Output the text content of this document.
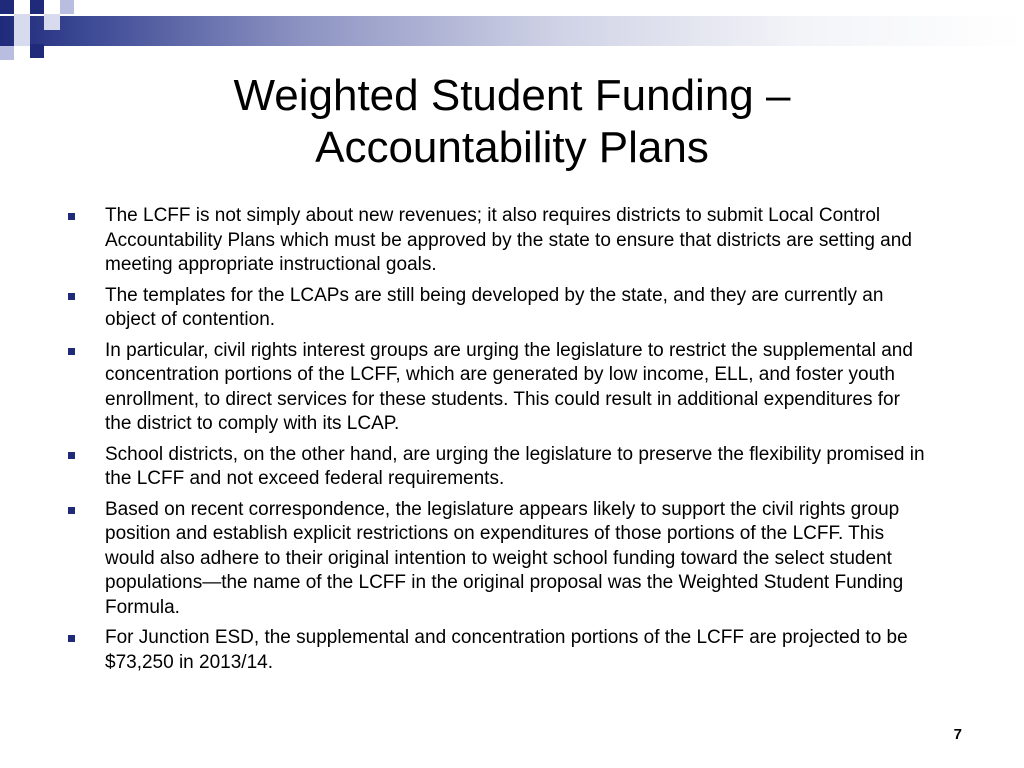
Weighted Student Funding –
Accountability Plans
The LCFF is not simply about new revenues; it also requires districts to submit Local Control Accountability Plans which must be approved by the state to ensure that districts are setting and meeting appropriate instructional goals.
The templates for the LCAPs are still being developed by the state, and they are currently an object of contention.
In particular, civil rights interest groups are urging the legislature to restrict the supplemental and concentration portions of the LCFF, which are generated by low income, ELL, and foster youth enrollment, to direct services for these students. This could result in additional expenditures for the district to comply with its LCAP.
School districts, on the other hand, are urging the legislature to preserve the flexibility promised in the LCFF and not exceed federal requirements.
Based on recent correspondence, the legislature appears likely to support the civil rights group position and establish explicit restrictions on expenditures of those portions of the LCFF. This would also adhere to their original intention to weight school funding toward the select student populations—the name of the LCFF in the original proposal was the Weighted Student Funding Formula.
For Junction ESD, the supplemental and concentration portions of the LCFF are projected to be $73,250 in 2013/14.
7
